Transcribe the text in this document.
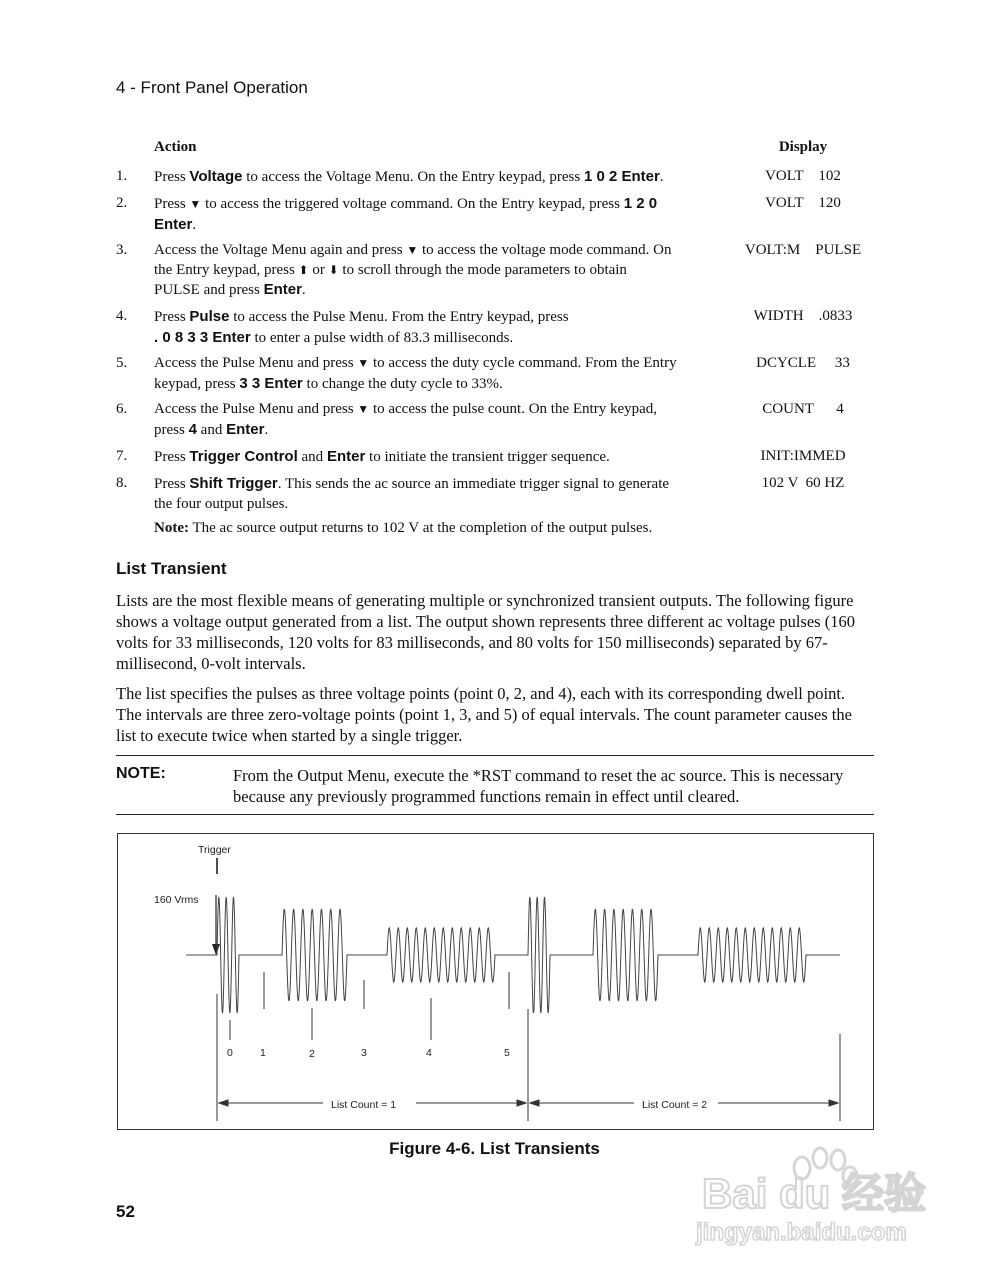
4 - Front Panel Operation
Action	Display
1. Press Voltage to access the Voltage Menu. On the Entry keypad, press 1 0 2 Enter.	VOLT    102
2. Press ▼ to access the triggered voltage command. On the Entry keypad, press 1 2 0
Enter.
VOLT    120
3. Access the Voltage Menu again and press ▼ to access the voltage mode command. On
the Entry keypad, press ⬆ or ⬇ to scroll through the mode parameters to obtain
PULSE and press Enter.
VOLT:M    PULSE
4. Press Pulse to access the Pulse Menu. From the Entry keypad, press
. 0 8 3 3 Enter to enter a pulse width of 83.3 milliseconds.
WIDTH    .0833
5. Access the Pulse Menu and press ▼ to access the duty cycle command. From the Entry
keypad, press 3 3 Enter to change the duty cycle to 33%.
DCYCLE     33
6. Access the Pulse Menu and press ▼ to access the pulse count. On the Entry keypad,
press 4 and Enter.
COUNT      4
7. Press Trigger Control and Enter to initiate the transient trigger sequence.	INIT:IMMED
8. Press Shift Trigger. This sends the ac source an immediate trigger signal to generate
the four output pulses.
102 V  60 HZ
Note: The ac source output returns to 102 V at the completion of the output pulses.
List Transient
Lists are the most flexible means of generating multiple or synchronized transient outputs. The following figure shows a voltage output generated from a list. The output shown represents three different ac voltage pulses (160 volts for 33 milliseconds, 120 volts for 83 milliseconds, and 80 volts for 150 milliseconds) separated by 67-millisecond, 0-volt intervals.
The list specifies the pulses as three voltage points (point 0, 2, and 4), each with its corresponding dwell point. The intervals are three zero-voltage points (point 1, 3, and 5) of equal intervals. The count parameter causes the list to execute twice when started by a single trigger.
NOTE:	From the Output Menu, execute the *RST command to reset the ac source. This is necessary because any previously programmed functions remain in effect until cleared.
Trigger
160 Vrms
0	1	2	3	4	5
List Count = 1	List Count = 2
Figure 4-6. List Transients
52	Bai du 经验
jingyan.baidu.com
